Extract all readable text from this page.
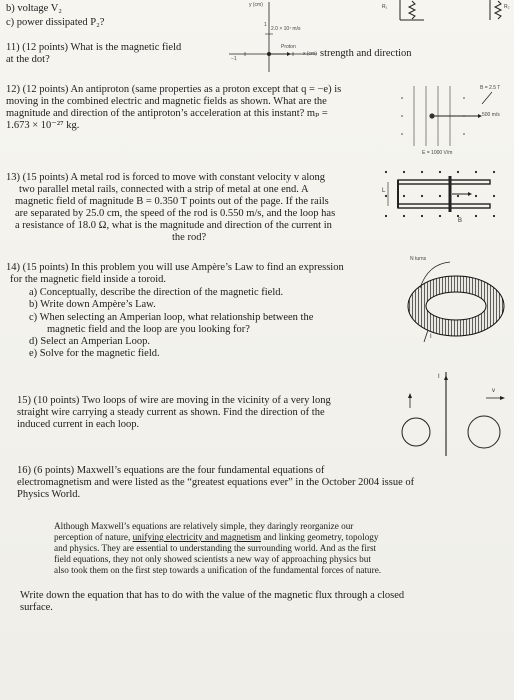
b) voltage V₂
c) power dissipated P₂?
R₁	R₂
11) (12 points) What is the magnetic field
at the dot?
strength and direction
y (cm)
2.0 × 10⁷ m/s
Proton
x (cm)
−1
1
12) (12 points) An antiproton (same properties as a proton except that q = −e) is
moving in the combined electric and magnetic fields as shown. What are the
magnitude and direction of the antiproton’s acceleration at this instant? mₚ =
1.673 × 10⁻²⁷ kg.
B = 2.5 T
500 m/s
E = 1000 V/m
13) (15 points) A metal rod is forced to move with constant velocity v along
two parallel metal rails, connected with a strip of metal at one end. A
magnetic field of magnitude B = 0.350 T points out of the page. If the rails
are separated by 25.0 cm, the speed of the rod is 0.550 m/s, and the loop has
a resistance of 18.0 Ω, what is the magnitude and direction of the current in
the rod?
L
B
14) (15 points) In this problem you will use Ampère’s Law to find an expression
for the magnetic field inside a toroid.
a) Conceptually, describe the direction of the magnetic field.
b) Write down Ampère’s Law.
c) When selecting an Amperian loop, what relationship between the
magnetic field and the loop are you looking for?
d) Select an Amperian Loop.
e) Solve for the magnetic field.
N turns
I
15) (10 points) Two loops of wire are moving in the vicinity of a very long
straight wire carrying a steady current as shown. Find the direction of the
induced current in each loop.
I
v
16) (6 points) Maxwell’s equations are the four fundamental equations of
electromagnetism and were listed as the “greatest equations ever” in the October 2004 issue of
Physics World.
Although Maxwell’s equations are relatively simple, they daringly reorganize our
perception of nature, unifying electricity and magnetism and linking geometry, topology
and physics. They are essential to understanding the surrounding world. And as the first
field equations, they not only showed scientists a new way of approaching physics but
also took them on the first step towards a unification of the fundamental forces of nature.
Write down the equation that has to do with the value of the magnetic flux through a closed
surface.
